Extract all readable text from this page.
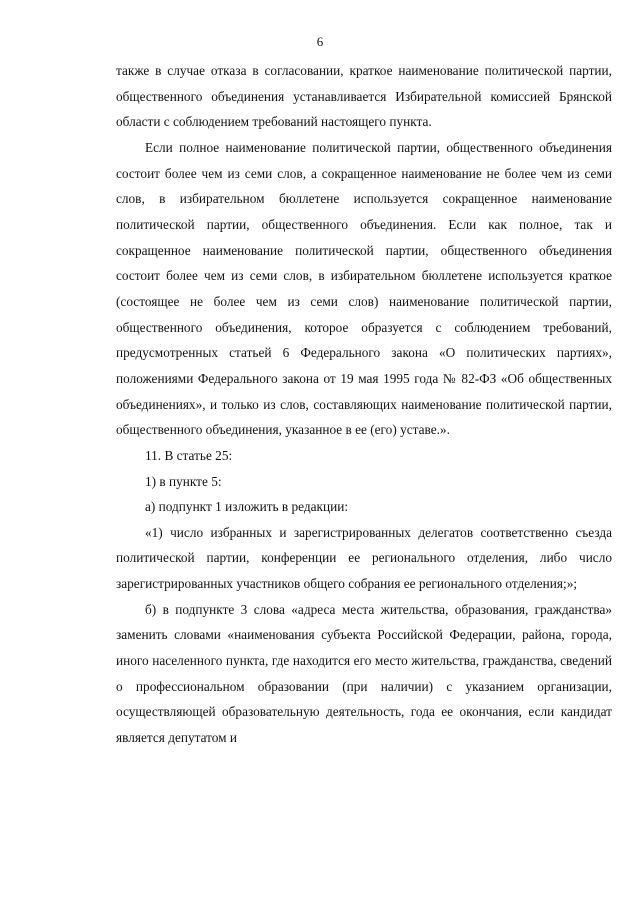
6

также в случае отказа в согласовании, краткое наименование политической партии, общественного объединения устанавливается Избирательной комиссией Брянской области с соблюдением требований настоящего пункта.

Если полное наименование политической партии, общественного объединения состоит более чем из семи слов, а сокращенное наименование не более чем из семи слов, в избирательном бюллетене используется сокращенное наименование политической партии, общественного объединения. Если как полное, так и сокращенное наименование политической партии, общественного объединения состоит более чем из семи слов, в избирательном бюллетене используется краткое (состоящее не более чем из семи слов) наименование политической партии, общественного объединения, которое образуется с соблюдением требований, предусмотренных статьей 6 Федерального закона «О политических партиях», положениями Федерального закона от 19 мая 1995 года № 82-ФЗ «Об общественных объединениях», и только из слов, составляющих наименование политической партии, общественного объединения, указанное в ее (его) уставе.».

11. В статье 25:

1) в пункте 5:

а) подпункт 1 изложить в редакции:

«1) число избранных и зарегистрированных делегатов соответственно съезда политической партии, конференции ее регионального отделения, либо число зарегистрированных участников общего собрания ее регионального отделения;»;

б) в подпункте 3 слова «адреса места жительства, образования, гражданства» заменить словами «наименования субъекта Российской Федерации, района, города, иного населенного пункта, где находится его место жительства, гражданства, сведений о профессиональном образовании (при наличии) с указанием организации, осуществляющей образовательную деятельность, года ее окончания, если кандидат является депутатом и
